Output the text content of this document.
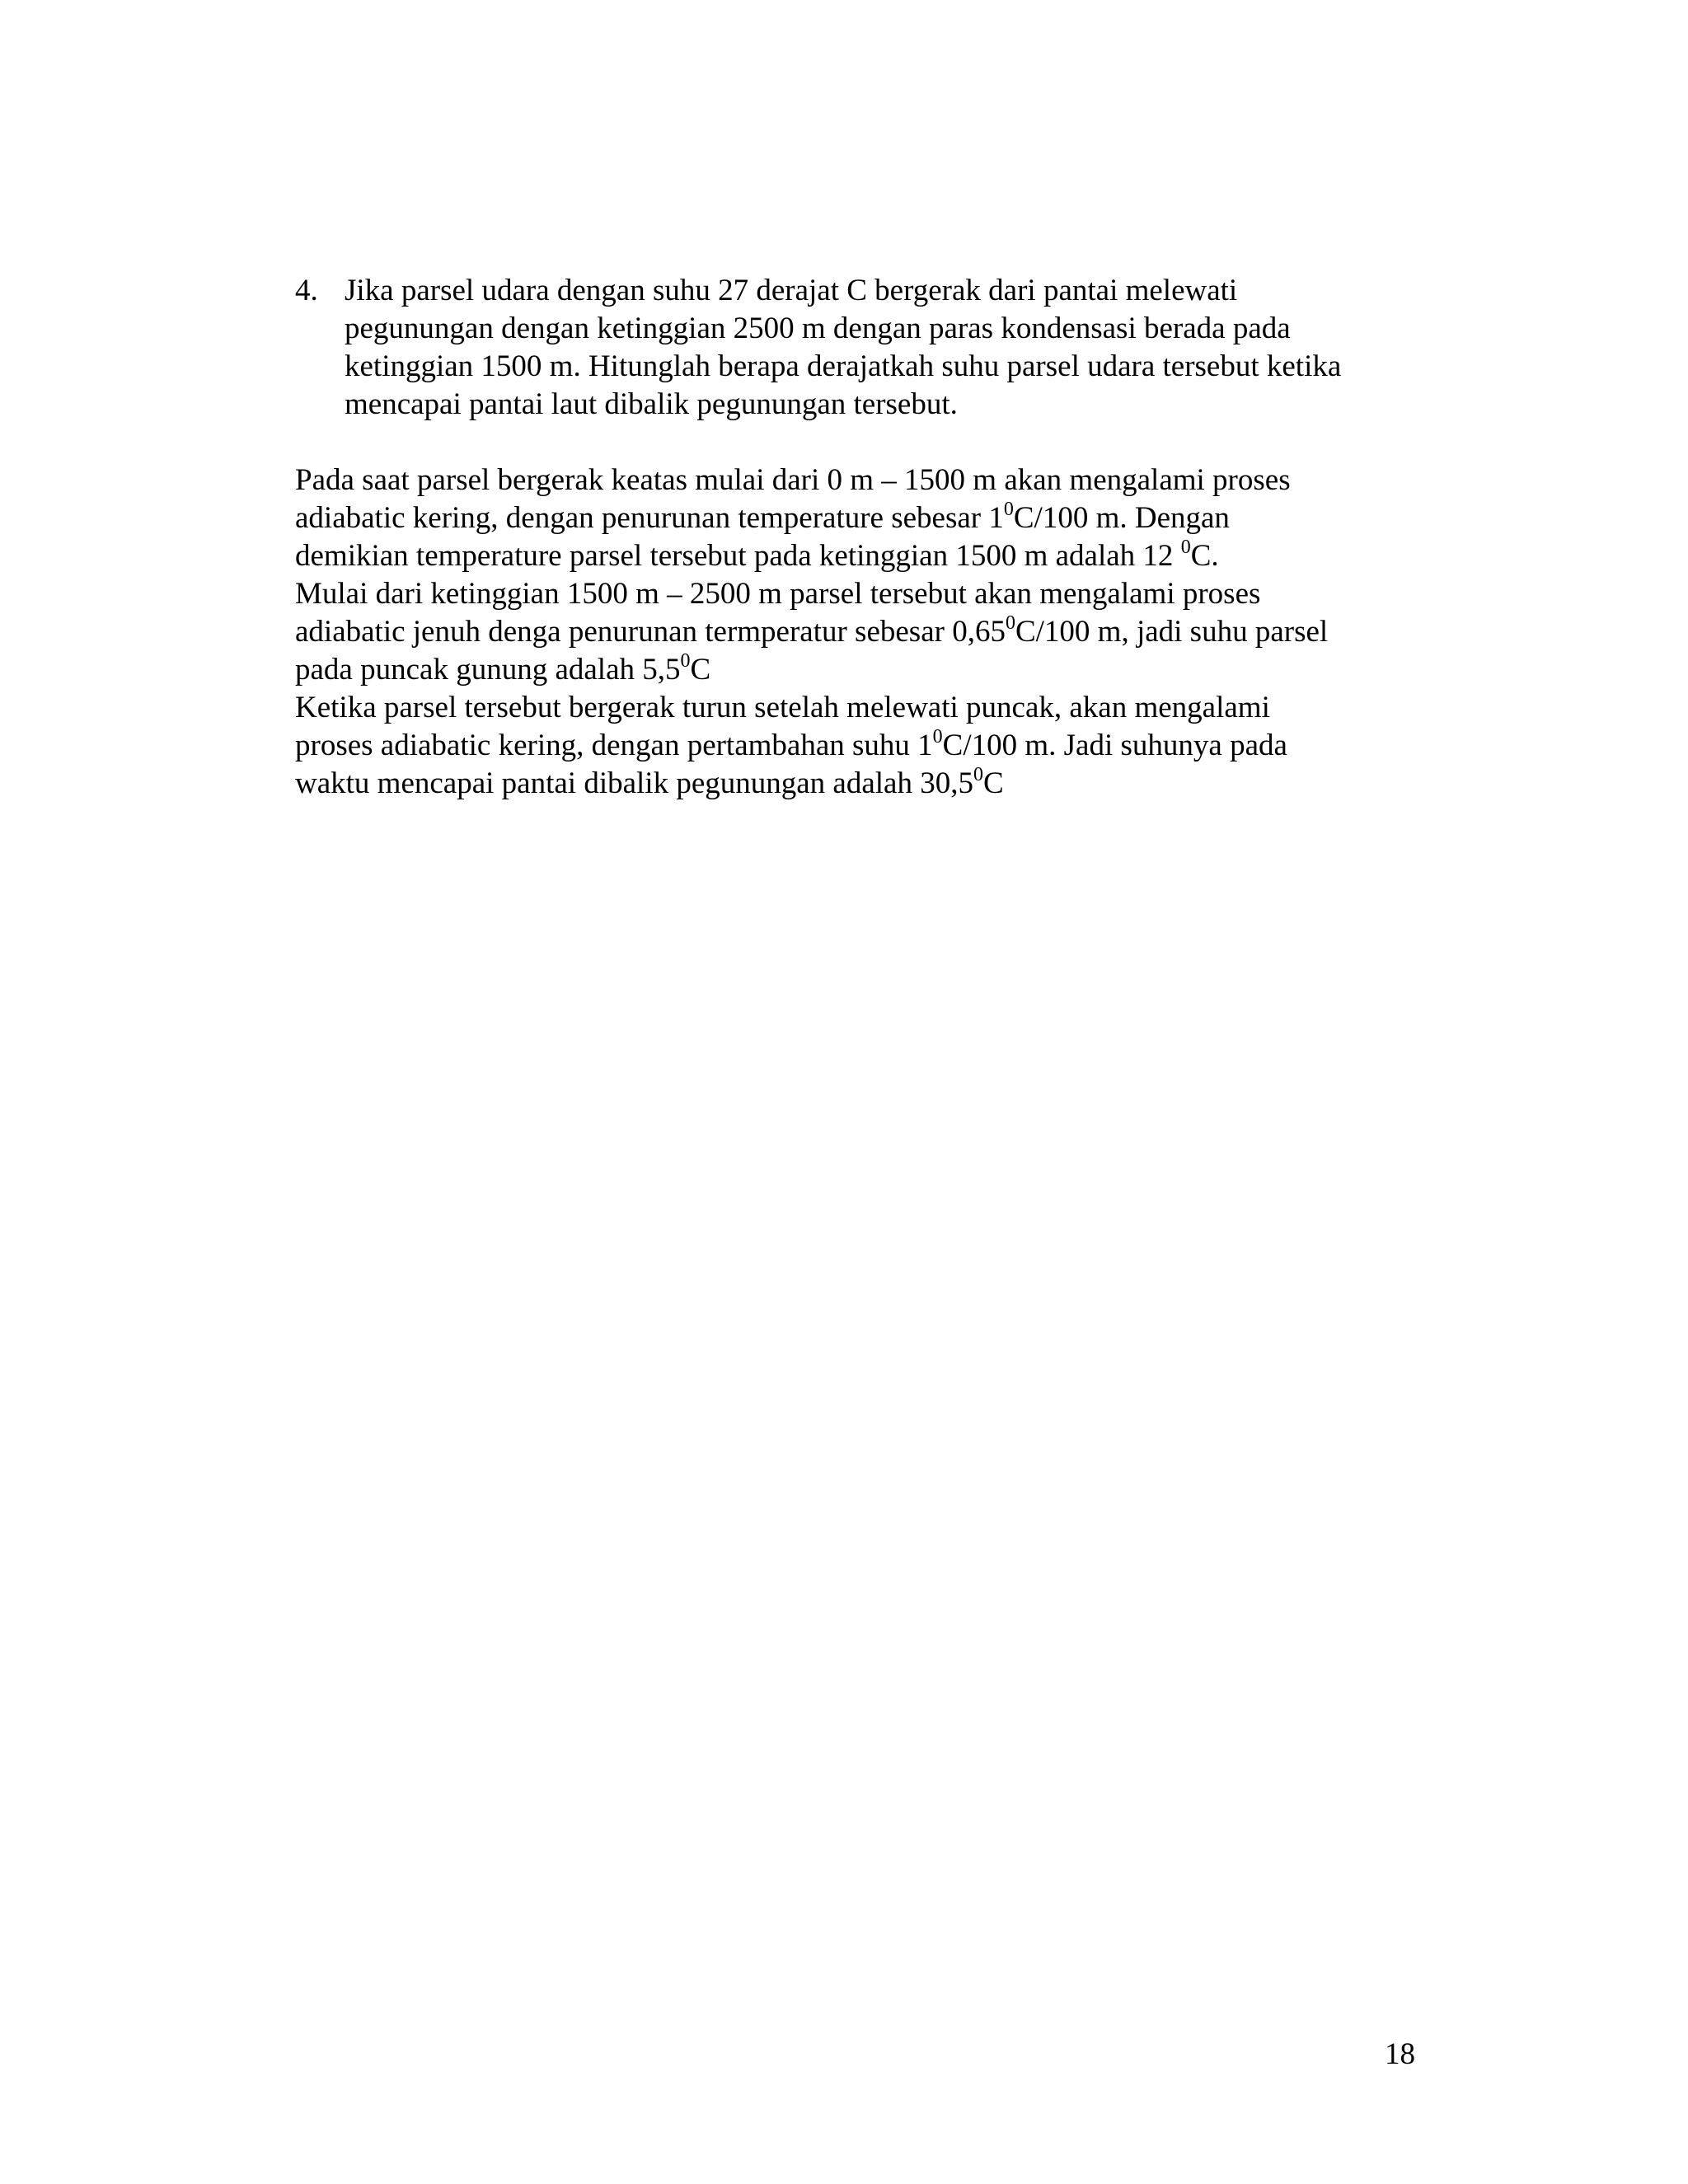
4. Jika parsel udara dengan suhu 27 derajat C bergerak dari pantai melewati
pegunungan dengan ketinggian 2500 m dengan paras kondensasi berada pada
ketinggian 1500 m. Hitunglah berapa derajatkah suhu parsel udara tersebut ketika
mencapai pantai laut dibalik pegunungan tersebut.
Pada saat parsel bergerak keatas mulai dari 0 m – 1500 m akan mengalami proses
adiabatic kering, dengan penurunan temperature sebesar $1^0C/100$ m. Dengan
demikian temperature parsel tersebut pada ketinggian 1500 m adalah 12 $^0$C.
Mulai dari ketinggian 1500 m – 2500 m parsel tersebut akan mengalami proses
adiabatic jenuh denga penurunan termperatur sebesar 0,65$^0$C/100 m, jadi suhu parsel
pada puncak gunung adalah $5,5^0C$
Ketika parsel tersebut bergerak turun setelah melewati puncak, akan mengalami
proses adiabatic kering, dengan pertambahan suhu $1^0C/100$ m. Jadi suhunya pada
waktu mencapai pantai dibalik pegunungan adalah 30,5$^0$C
18
